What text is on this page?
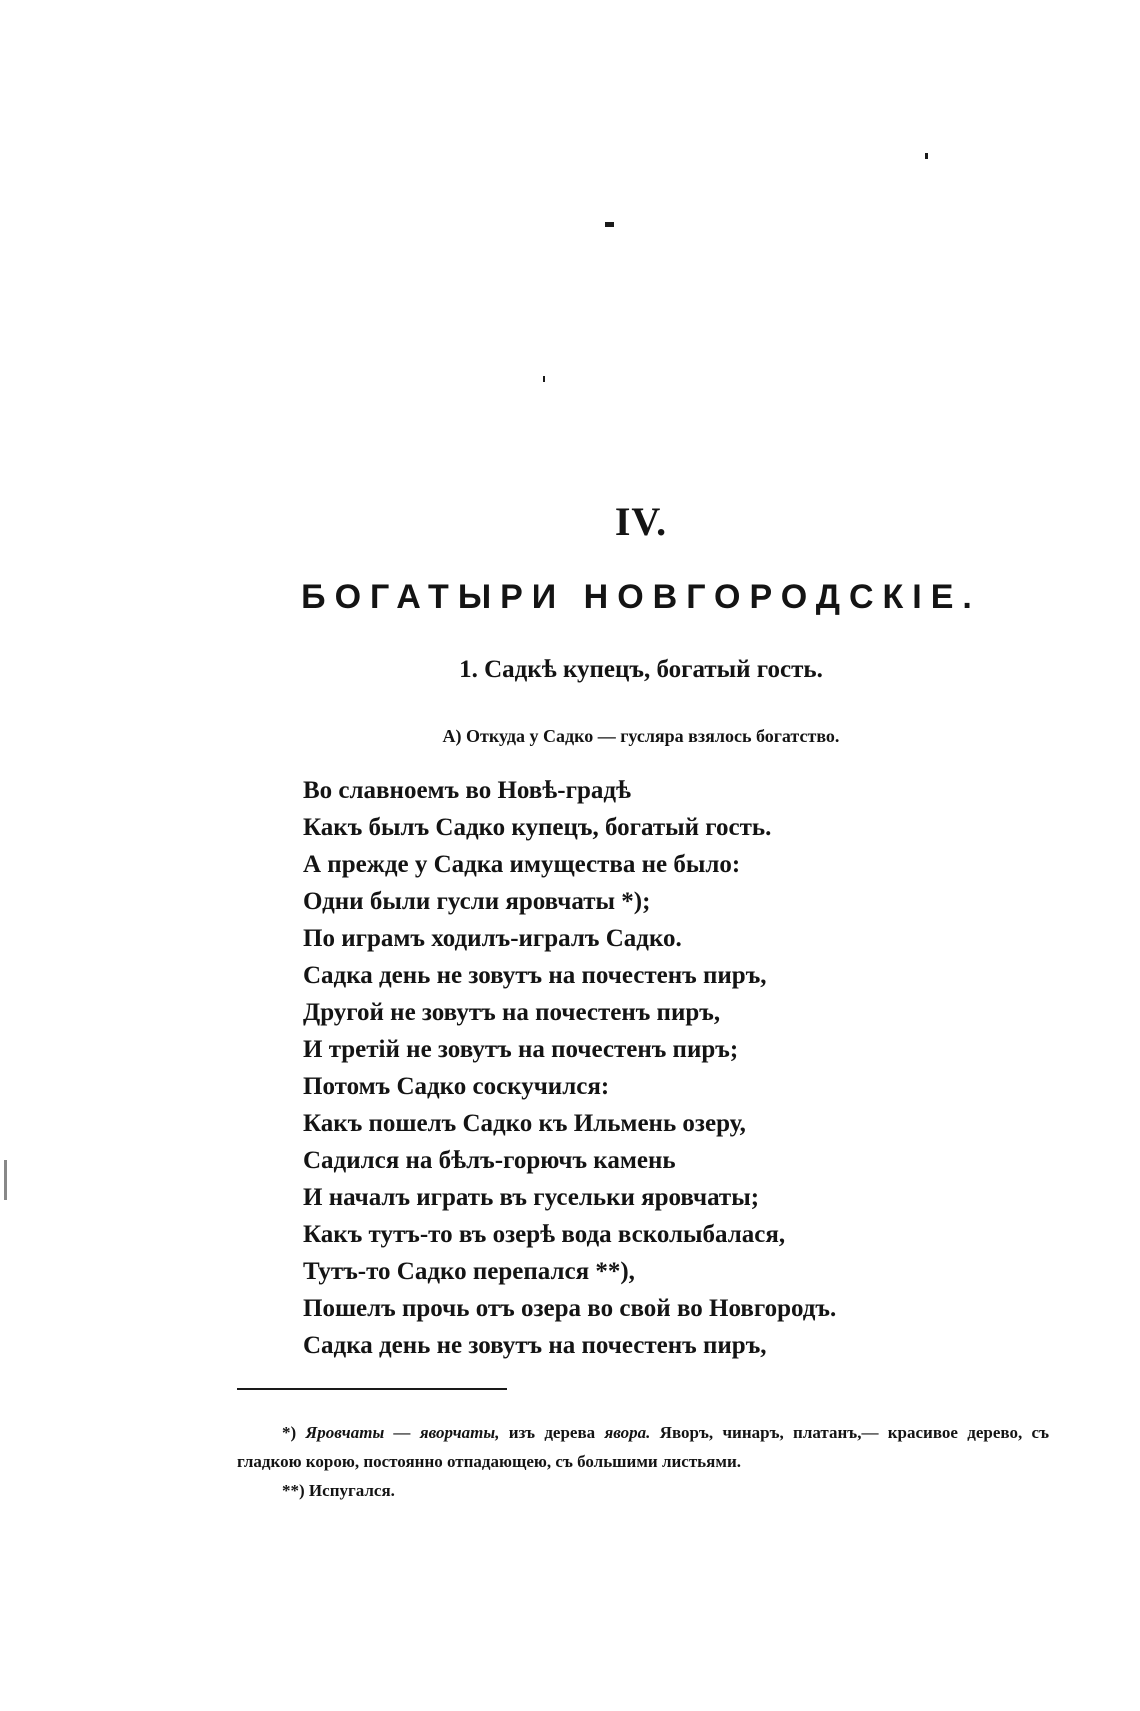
IV.
БОГАТЫРИ НОВГОРОДСКIЕ.
1. Садкѣ купецъ, богатый гость.
А) Откуда у Садко — гусляра взялось богатство.
Во славноемъ во Новѣ-градѣ
Какъ былъ Садко купецъ, богатый гость.
А прежде у Садка имущества не было:
Одни были гусли яровчаты *);
По играмъ ходилъ-игралъ Садко.
Садка день не зовутъ на почестенъ пиръ,
Другой не зовутъ на почестенъ пиръ,
И третiй не зовутъ на почестенъ пиръ;
Потомъ Садко соскучился:
Какъ пошелъ Садко къ Ильмень озеру,
Садился на бѣлъ-горючъ камень
И началъ играть въ гусельки яровчаты;
Какъ тутъ-то въ озерѣ вода всколыбалася,
Тутъ-то Садко перепался **),
Пошелъ прочь отъ озера во свой во Новгородъ.
Садка день не зовутъ на почестенъ пиръ,
*) Яровчаты — яворчаты, изъ дерева явора. Яворъ, чинаръ, платанъ,— красивое дерево, съ гладкою корою, постоянно отпадающею, съ большими листьями.
**) Испугался.
